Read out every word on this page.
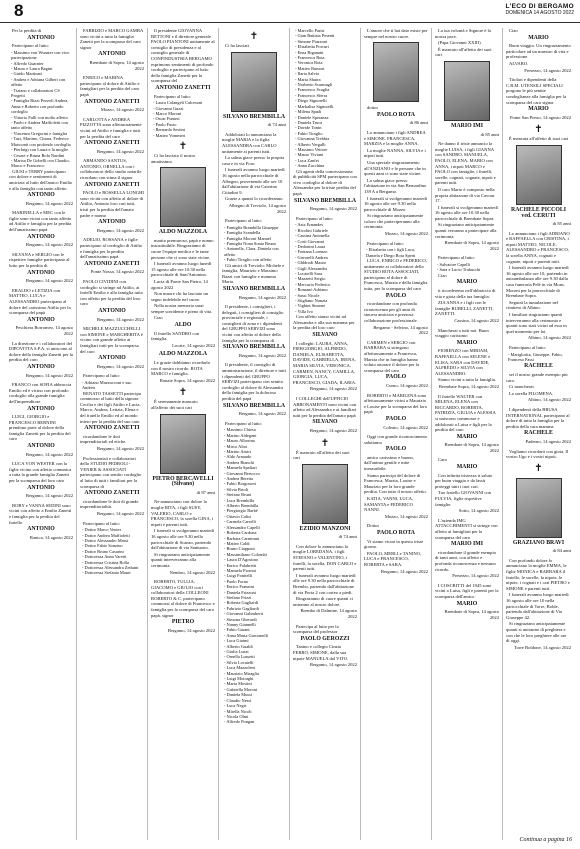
8	L'ECO DI BERGAMO
DOMENICA 14 AGOSTO 2022

Per la perdita di

ANTONIO

Partecipano al lutto:

- Massimo von Wunster con vivo partecipazione
- Alfredo Guarnier
- Mauro e Laura Bagini
- Guido Martinati
- Andrea e Adriana Gilbert con affetto
- Tiziano e collaboratori CS Progetti
- Famiglia Rizzi Pezzoli Andrea, Anna e Roberto con profondo cordoglio
- Vittorio Fulli con molto affetto
- Paolo e Andrea Maffioletti con tanto affetto
- Vincenzo Gregorini e famiglia
- Tazi, Martino, Chiara, Federico Mariconti con profondo cordoglio
- Pierluigi con Laura e la moglie
- Cesare e Bruna Bola Nardini
- Marisa De Gobelli con Claudio, Marco e Francesco

GIUSI e TERRY partecipano con dolore e sentimenti di amicizia al lutto dell'amico Emilio e alla famiglia con tanto affetto.

ANTONIO
Bergamo, 14 agosto 2022

MARINELLA e MEC con le figlie sono vicini con tanto affetto ad Attilio e famiglia per la perdita dell'amatissimo papà

ANTONIO
Bergamo, 14 agosto 2022

SILVANA e SERGIO con le rispettive famiglie partecipano al lutto per la perdita di

ANTONIO
Bergamo, 14 agosto 2022

ERALDO e LETIZIA con MATTEO, LUCA e ALESSANDRO partecipano al dolore del carissimo Attilio per la scomparsa del papà

ANTONIO
Peschiera Borromeo, 14 agosto 2022

La direzione e i collaboratori del DIPOVITTA S.P.A. si uniscono al dolore della famiglia Zanetti per la perdita del caro

ANTONIO
Bergamo, 14 agosto 2022

FRANCO con SOFIA abbraccia Emilio ed è vicino con profondo cordoglio alla grande famiglia dell'imprenditore

ANTONIO

LUIGI, GIORGIO e FRANCESCO BERNINI prendono parte al dolore della famiglia Zanetti per la perdita del caro

ANTONIO
Bergamo, 14 agosto 2022

LUCA VON WESTER con la figlie vicino con affetto comunica a tutta la grande famiglia Zanetti per la scomparsa del loro caro

ANTONIO
Bergamo, 14 agosto 2022

BOBY e VANNA SEDINI sono vicini con affetto a Emilio Zanetti e famiglia per la perdita del fratello

ANTONIO
Ranica, 14 agosto 2022

FABRIZIO e MARCO GAMBA sono vicini a tutta la famiglia Zanetti per la scomparsa del caro signor

ANTONIO
Brembate di Sopra, 14 agosto 2022

ENRICO e MARINA partecipano al dolore di Attilio e famigliari per la perdita del caro papà

ANTONIO ZANETTI
Mozzo, 14 agosto 2022

CARLOTTA e ANDREA PIZZOTTA sono affettuosamente vicini ad Attilio e famiglia e tutti per la perdita del caro

ANTONIO ZANETTI
Bergamo, 14 agosto 2022

ARMANDO SANTUS, ANTONIO, ORNELLA con i collaboratori dello studio notarile ricordano con stima il signor

ANTONIO ZANETTI

PAOLO e ROSSELLA LONGHI sono vicini con affetto al dolore di Attilio, Antonio loro cari tutti, tristi per la perdita dell'amato padre e nonno

ANTONIO
Bergamo, 14 agosto 2022

ADELIO, ROSSANA e figlie partecipano al cordoglio di Attilio e famiglia per la perdita dell'amatissimo papà

ANTONIO ZANETTI
Ponte Nossa, 14 agosto 2022

PAOLO CIVIDINI con cordoglio si stringe ad Attilio, ai fratelli Emilio e alla famiglia tutta con affetto per la perdita del loro caro

ANTONIO
Bergamo, 14 agosto 2022

MICHELE MAZZUCCHELLI con SIMONE e MARGHERITA è vicino con grande affetto ai famigliari tutti per la scomparsa del caro

ANTONIO
Bergamo, 14 agosto 2022

Partecipano al lutto:

- Adriano Mazzucconi e suo Andrea

RENATO TASSETTI partecipa commosso al lutto della signora Cecilia e dei figli Attilio e Lucia, Marco, Andrea, Letizia, Elena e del fratello Emilio ed al mondo intero per la perdita del suo caro

ANTONIO ZANETTI

ricordandone le doti imprenditoriali ed etiche.

Bergamo, 14 agosto 2022

Professionisti e collaboratori dello STUDIO PEDROLI - VENIER & ASSOCIATI partecipano con sentito cordoglio al lutto di tutti i familiari per la scomparsa di

ANTONIO ZANETTI

ricordandone le doti di grande imprenditorialità.

Bergamo, 14 agosto 2022

Partecipano al lutto:

- Dottor Marco Venier
- Dottor Andrea Maffioletti
- Dottor Alessandro Massi
- Dottor Fabio Sonzino
- Dottor Bruno Casarini
- Dottoressa Anna Varetti
- Dottoressa Cristina Rolla
- Dottoressa Alessandra Zeduini
- Dottoressa Stefania Mauri

Il presidente GIOVANNA BETTONI e il direttore generale PAOLO PIANTONI unitamente al consiglio di presidenza e al consiglio generale di CONFINDUSTRIA BERGAMO esprimono sentimenti di profondo cordoglio e partecipano al lutto della famiglia Zanetti per la scomparsa del

ANTONIO ZANETTI

Partecipano al lutto:

- Laura Colangeli Calcesoni
- Giovanni Guzzi
- Marco Moroni
- Oscar Fumeri
- Paolo Fusio
- Bernardo Sestini
- Matteo Vommeri
✝

Ci ha lasciato il nostro amatissimo

ALDO MAZZOLA

marito premuroso, papà e nonno insostituibile. Ringraziamo di cuore l'equipe medica e le tante persone che ci sono state vicine.

I funerali avranno luogo lunedì 15 agosto alle ore 10.30 nella parrocchiale di Sant'Antonino.

Lucia di Ponte San Pietro, 14 agosto 2022

Non muore chi ha lasciato un segno indelebile nel cuore.

Nella nostra memoria sarai sempre sorridente e pieno di vita.

Ciao

ALDO

Il fratello SANDRO con famiglia.

Locate, 14 agosto 2022
ALDO MAZZOLA

Le grazie dobbiamo ricordarlo con il nostro ricordo. ROTA MARCO e famiglia.

Bonate Sopra, 14 agosto 2022
✝

È serenamente mancato all'affetto dei suoi cari

PIETRO BERCAVELLI (Silvano)
di 87 anni

Ne annunciano con dolore la moglie RITA, i figli SUSY, VALERIO, CARLO e FRANCESCO, la sorella GINA, i nipoti e parenti tutti.

I funerali si svolgeranno martedì 16 agosto alle ore 9.30 nella parrocchiale di Scanzo, partendo dall'abitazione di via Santuario.

Si ringraziano anticipatamente quanti interverranno alla cerimonia.

Nembro, 14 agosto 2022

ROBERTO, TULLIA, GIACOMO e GIULIO con i collaboratori della COLLEONI ROBERTO & C. partecipano commossi al dolore di Francesco e famiglia per la scomparsa del caro papà, signor

PIETRO
Bergamo, 14 agosto 2022
✝

Ci ha lasciati

SILVANO BREMBILLA
di 74 anni

Addolorati lo annunciano la moglie MARIA e la figlia ALESSANDRA con CARLO unitamente ai parenti tutti.

La salma giace presso la propria casa e in via Foro.

I funerali avranno luogo martedì 16 agosto nella parrocchiale di Albegno, provenendo alle ore 10 dall'abitazione di via Caterina Cittadini 9.

Grazie a quanti lo ricorderanno.

Albegno di Treviolo, 14 agosto 2022

Partecipano al lutto:

- Famiglia Brambilla Giuseppe
- Famiglia Scandella
- Famiglia Moroni Manuel
- Famiglia Nona Sonta Bruno
- Antonella, Clara, Daniela con affetto
- Fabio Tiraglio con affetto

Gli amici di Treviolo: Michele e famiglia, Maurizio e Massimo Bazzi con famiglie e mamma Maria.

SILVANO BREMBILLA
Bergamo, 14 agosto 2022

Il presidente, i consiglieri, i delegati, i consiglieri di consiglio provinciale e regionale, i consiglieri di zona e i dipendenti del GRUPPO SERVIZI sono vicini con affetto al dolore della famiglia per la scomparsa di

SILVANO BREMBILLA
Bergamo, 14 agosto 2022

Il presidente, il consiglio di amministrazione, il direttore e tutti i dipendenti del GRUPPO SERVIZI partecipano con sentito cordoglio al dolore di Alessandra della famiglia per la dolorosa perdita del papà

SILVANO BREMBILLA
Bergamo, 14 agosto 2022

Partecipano al lutto:

- Massimo Chiesa
- Marino Aldegani
- Mauro Alborino
- Mirco Aliot
- Marino Amici
- Aldo Arnaudo
- Andrea Bianchi
- Manuela Spaliari
- Giovanni Bertocco
- Andrea Beretta
- Fabio Borgonovi
- Silvia Brioli
- Stefano Bruni
- Luca Brembilla
- Alberto Brembilla
- Piergiorgio Barbè
- Ottavio Calisi
- Carmela Carrelli
- Alessandro Capelli
- Roberta Cardona
- Barbara Carminati
- Matteo Caldi
- Bruno Ciapponi
- Massimiliano Colombi
- Laura D'Agostino
- Enrico Falabretti
- Manuela Fioroni
- Luigi Fonitelli
- Paolo Forno
- Enrico Franzini
- Daniela Frizzoni
- Stefano Frizzi
- Roberta Gagliardi
- Fabrizio Gagliardi
- Giovanni Galimberti
- Simona Gherardi
- Nanny Giannelli
- Fabio Garani
- Anna Maria Giacomelli
- Luca Giaimi
- Alberto Gualdi
- Giulia Luzzi
- Ornella Lussetti
- Silvia Locatelli
- Luca Mazzoleni
- Maurizio Miraglia
- Luigi Moiraghi
- Maria Mostini
- Gabriella Moroni
- Daniela Mussi
- Claudio Nessi
- Luca Negri
- Mirella Nicoli
- Nicola Olmi
- Alfredo Pongan
- Marcello Parisi
- Gian Battista Pesenti
- Simone Piazzoni
- Elisabetta Porcuri
- Enza Riganatti
- Francesca Rota
- Veronica Rota
- Matteo Rumori
- Ilaria Salvia
- Marta Sharra
- Norberto Scarmagli
- Francesco Scaglia
- Francesco Sferra
- Diego Signorelli
- Markalisa Signorelli
- Milena Spadi
- Daniele Speranza
- Daniela Tasca
- Davide Tonin
- Fabio Tiraglio
- Giovanna Trebbia
- Alberto Vergalli
- Massimo Vettore
- Mauro Viviani
- Luca Zanfei
- Anna Zucchina

Gli agenti della concessionaria di pubblicità SPM partecipano con vivo cordoglio al dolore di Alessandra per la triste perdita del papà

SILVANO BREMBILLA
Bergamo, 14 agosto 2022

Partecipano al lutto:

- Aziz Ernandes
- Bicolini Gabriele
- Cassina Antonella
- Corti Giovanni
- Dedonini Laura
- Fontana Lorenzo
- Gavarelli Andrea
- Gbldrodi Mauro
- Gigli Alessandra
- Locatelli Sara
- Mazzetti Sergio
- Mercurio Federico
- Romanò Adriano
- Sassi Nicole
- Stigliano Nunzia
- Vighini Simone
- Villa Ivo

Con affetto siamo vicini ad Alessandra e alla sua mamma per la perdita del loro caro

SILVANO

I colleghi: LAURA, ANNA, PIERGIORGIO, ALFREDO, DANIELA, ELISABETTA, DAVIDE, GABRIELLA, IRENA, MARIA SILVIA, VERONICA, CARMEN, NANCY, CAMILLA, GIORGIA, LUCA, FRANCESCO, GIADA, ILARIA.

Bergamo, 14 agosto 2022

I COLLEGHI dell'UFFICIO ABBONAMENTI sono vicini con affetto ad Alessandra e ai familiari tutti per la perdita dell'amato papà

SILVANO
Bergamo, 14 agosto 2022
✝

È mancato all'affetto dei suoi cari

EZIDIO MANZONI
di 74 anni

Con dolore lo annunciano la moglie LOREDANA, i figli STEFANO e VALENTINO, i fratelli, la sorella, DON CARLO e parenti tutti.

I funerali avranno luogo martedì alle ore 9.30 nella parrocchiale di Brembo, partendo dall'abitazione di via Porta 2 con corteo a piedi.

Ringraziamo di cuore quanti ci uniranno al nostro dolore.

Brembo di Dalmine, 14 agosto 2022

Partecipa al lutto per la scomparsa del professor

PAOLO GEROZZI

Tanino e collegio Cinzia FERRO, SIMONE, dalla sua nipote MANUELA dal VITO.

Bergamo, 14 agosto 2022

L'amore che ti hai dato esiste per sempre nel nostro cuore.

dottor

PAOLO ROTA
di 86 anni

Lo annunciano i figli ANDREA e SIMONE, FRANCESCA, MARZIA e la moglie ANNA.

La moglie NANNA, SILVIA e i nipoti tutti.

Una speciale ringraziamento all'ANZIANO e le persone che in questi anni ci sono state vicine.

La salma giace presso l'abitazione in via San Bernardino 139 A a Bergamo.

I funerali si svolgeranno martedì 16 agosto alle ore 9.30 nella parrocchiale di Mozzo.

Si ringraziano anticipatamente coloro che parteciperanno alla cerimonia.

Mozzo, 14 agosto 2022

Partecipano al lutto:

- Elisabetta con i figli Luca, Daniela e Diego Rota Sperti

LUCA, ENRICO e FEDERICO, unitamente ai collaboratori dello STUDIO ROTA ASSOCIATI, partecipano al dolore di Francesca, Marzia e della famiglia tutta, per la scomparsa del caro

PAOLO

ricordandone con profonda riconoscenza per gli anni di sincera amicizia e preziosa collaborazione professionale.

Bergamo - Selvino, 14 agosto 2022

CARMEN e SERGIO con BARBARA si stringono affettuosamente a Francesca, Marzia che in famiglia hanno voluto onorare il dolore per la scomparsa del caro

PAOLO
Curno, 14 agosto 2022

ROBERTO e MARILENA sono affettuosamente vicini a Maurizio e Louise per la scomparsa del loro papà

PAOLO
Coleato, 14 agosto 2022

Oggi con grande riconoscimento salutiamo

PAOLO

amico carissimo e buono, dall'animo gentile e mite inesauribile.

Siamo partecipi del dolore di Francesca, Marzia, Louise e Maurizio per la loro grande perdita. Con tutto il nostro affetto.

KATIA, VANNI, LUCA, SAMANTA e FEDERICO NANNI.

Mozzo, 14 agosto 2022

Dottor

PAOLO ROTA

Vi siamo vicini in questo triste giorno.

PAOLO, MERLI e TANINO, LUCA e FRANCESCO, ROBERTA e SARA.

Bergamo, 14 agosto 2022

La tua volontà e Signore è la nostra pace.

(Papa Giovanni XXIII)

È mancato all'affetto dei suoi cari

MARIO IMI
di 85 anni

Ne danno il triste annuncio la moglie LUISA, i figli GIANNA con SANDRO, MANUELA, PAOLO, ELENA, MARIO con ANNA, i nipoti MARCO e PAOLO con famiglie, i fratelli, sorelle, cognati, cognate, nipoti e parenti tutti.

Il caro Mario è composto nella propria abitazione di via Cavour 17.

I funerali si svolgeranno martedì 16 agosto alle ore 10.30 nella parrocchiale di Brembate Sopra.

Si ringraziano anticipatamente quanti verranno a partecipare alla cerimonia.

Brembate di Sopra, 14 agosto 2022

Partecipano al lutto:

- Salvatore Capelli
- Sara e Lucio Trabucchi

Ciao

MARIO

ti ricorderemo nell'abbraccio di vita e gioia della tua famiglia.

ZIA ANNA e i figli con le famiglie RUBELLI, ZANETTI, ZANETTI.

Cassina, 14 agosto 2022

Mancherai a tutti noi. Buon viaggio carissimo

MARIO

FIORENZO con MIRIAM, RAFFAELLA con SELENE e ELISA, SARA con DAVIDE, ALFREDO e SILVIA con ALESSANDRO.

Siamo vicini a tutta la famiglia.

Brembate Sopra, 14 agosto 2022

Il fratello WALTER con MILENA, ELENA con RICCARDO, ROBERTA, PATRIZIA, GIULIA e ALESSIA si uniscono commosse e addolorati a Luisa e figli per la perdita del caro

MARIO
Brembate di Sopra, 14 agosto 2022

Caro

MARIO

Con infinita tristezza ti saluto per buon viaggio e da lassù proteggi tutti i tuoi cari.

Tuo fratello GIOVANNI con FULVIA, figlie rispettive famiglie.

Sotto, 14 agosto 2022

L'azienda IMG ATTACCHIMENTI si stringe con affetto ai famigliari per la scomparsa del caro

MARIO IMI

ricordandone il grande esempio di tanti anni, con affetto e profonda riconoscenza e nessuno ricordo.

Presezzo, 14 agosto 2022

I COSCRITTI del 1945 sono vicini a Luisa, figli e parenti per la scomparsa dell'amico

MARIO
Brembate di Sopra, 14 agosto 2022

Ciao

MARIO

Buon viaggio. Un ringraziamento particolare ad un maestro di vita e professione.

ALVARO.

Presezzo, 14 agosto 2022

Titolari e dipendenti della C.B.M. UTENSILI SPECIALI porgono le più sentite condoglianze alla famiglia per la scomparsa del caro signor

MARIO
Ponte San Pietro, 14 agosto 2022
✝

È mancata all'affetto di suoi cari

RACHELE PICCOLI ved. CERUTI
di 85 anni

Lo annunciano i figli ADRIANO e RAFFAELLA con CRISTINA, i nipoti MATTEO, NICOLE, ALESSANDRO e FRANCESCO, la sorella ANNA, cognati e cognate, nipoti e parenti tutti.

I funerali avranno luogo martedì 16 agosto alle ore 10, partendo in autoambulanza alle ore 9.30 dalla casa funeraria Pelè in via Mons. Moroni per la parrocchiale di Brembate Sopra.

Seguirà la tumulazione nel cimitero di Albino.

I familiari ringraziano quanti interverranno alla cerimonia e quanti sono stati vicini ad essa in quel momento per loi.

Albino, 14 agosto 2022

Partecipano al lutto:

- Mariglorita, Giuseppe, Fabio, Franceso Fassi
RACHELE

sei il nostro grande esempio più caro.

Ci mancherai.

La sorella FILOMENA.

Albino, 14 agosto 2022

I dipendenti della BRUSA INTERNATIONAL partecipano al dolore di tutta la famiglia per la perdita della cara mamma

RACHELE
Paderno, 14 agosto 2022

Vogliamo ricordarti con gioia. Il vostro Ugo e i vostri nipoti.

✝
GRAZIANO BRAVI
di 84 anni

Con profondo dolore lo annunciano la moglie EMMA, le figlie MONICA e BARBARA il fratello, le sorelle, la nipote, le nipote, i cognati e i cari PIETRO e SIMONE e parenti tutti.

I funerali avranno luogo martedì 16 agosto alle ore 10 nella parrocchiale di Torre, Bolde, partendo dall'abitazione di Via Giuseppe 42.

Si ringraziano anticipatamente quanti si uniranno di preghiera e con che le loro preghiere alle ore di oggi.

Torre Boldone, 14 agosto 2022
Continua a pagina 16
